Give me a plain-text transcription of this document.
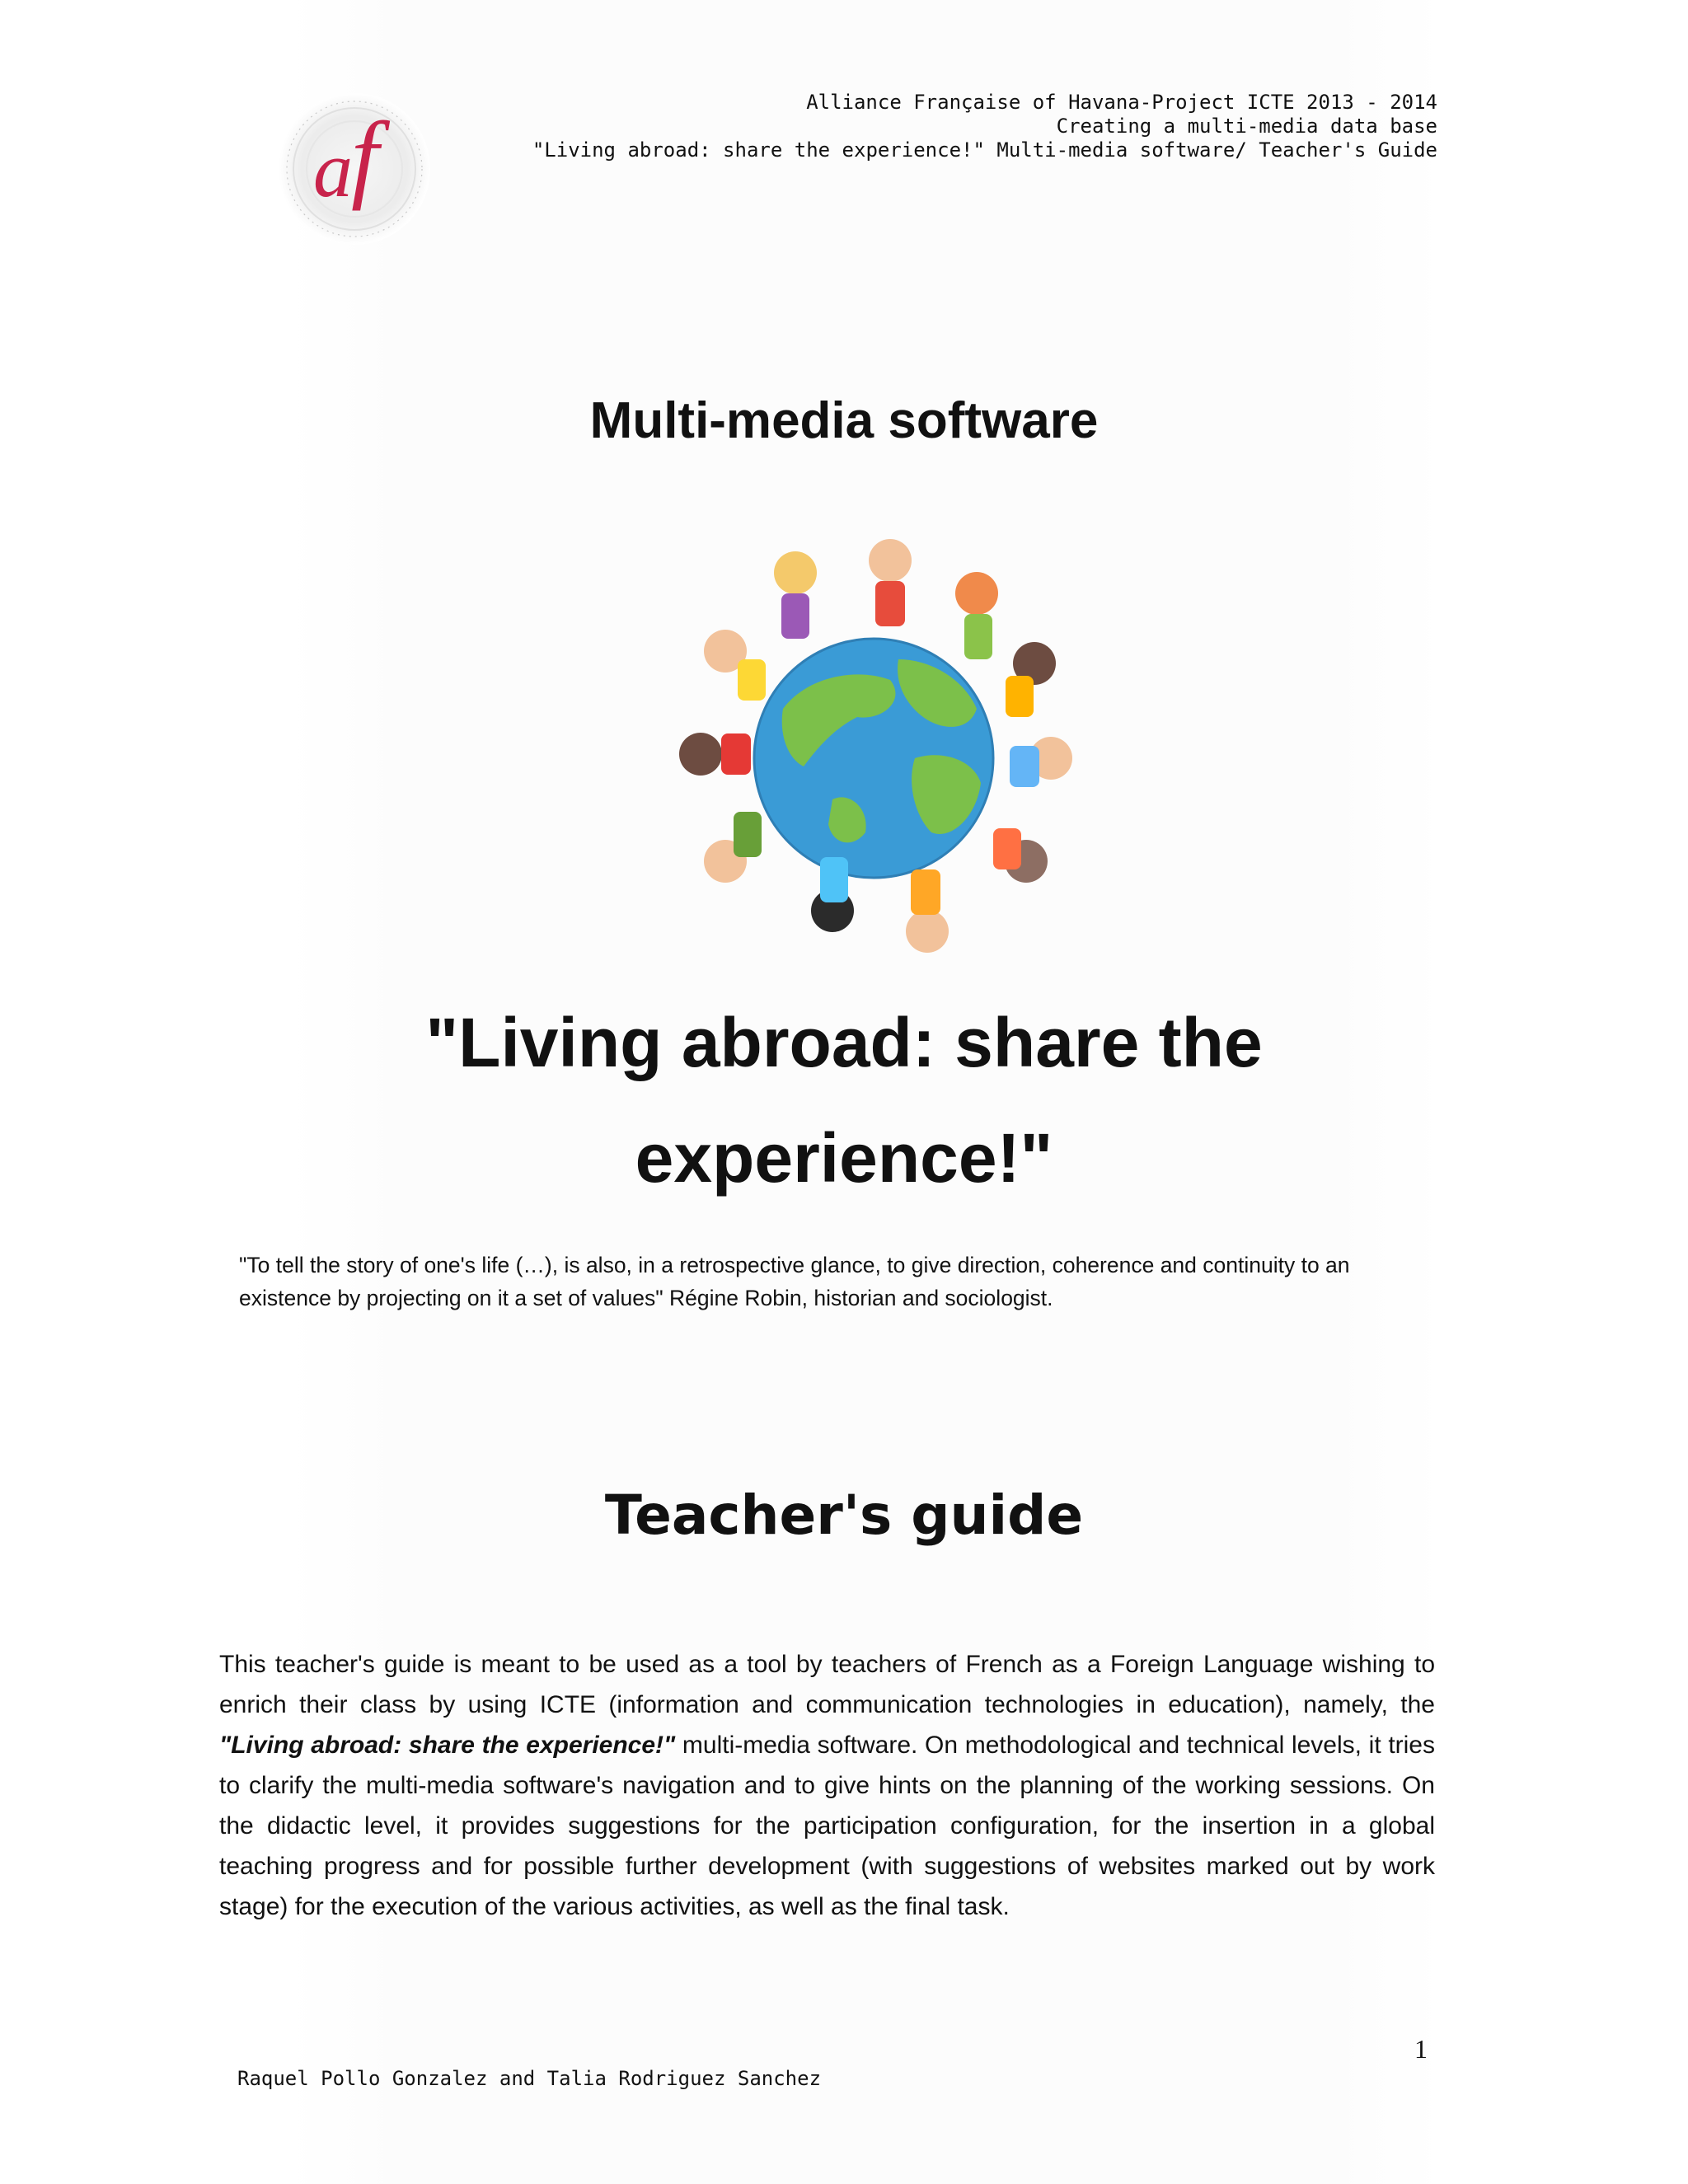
a
f	Alliance Française of Havana-Project ICTE 2013 - 2014
Creating a multi-media data base
"Living abroad: share the experience!" Multi-media software/ Teacher's Guide
Multi-media software
"Living abroad: share the
experience!"
"To tell the story of one's life (…), is also, in a retrospective glance, to give direction, coherence and continuity to an existence by projecting on it a set of values" Régine Robin, historian and sociologist.
Teacher's guide
This teacher's guide is meant to be used as a tool by teachers of French as a Foreign Language wishing to enrich their class by using ICTE (information and communication technologies in education), namely, the "Living abroad: share the experience!" multi-media software. On methodological and technical levels, it tries to clarify the multi-media software's navigation and to give hints on the planning of the working sessions. On the didactic level, it provides suggestions for the participation configuration, for the insertion in a global teaching progress and for possible further development (with suggestions of websites marked out by work stage) for the execution of the various activities, as well as the final task.
1
Raquel Pollo Gonzalez and Talia Rodriguez Sanchez
